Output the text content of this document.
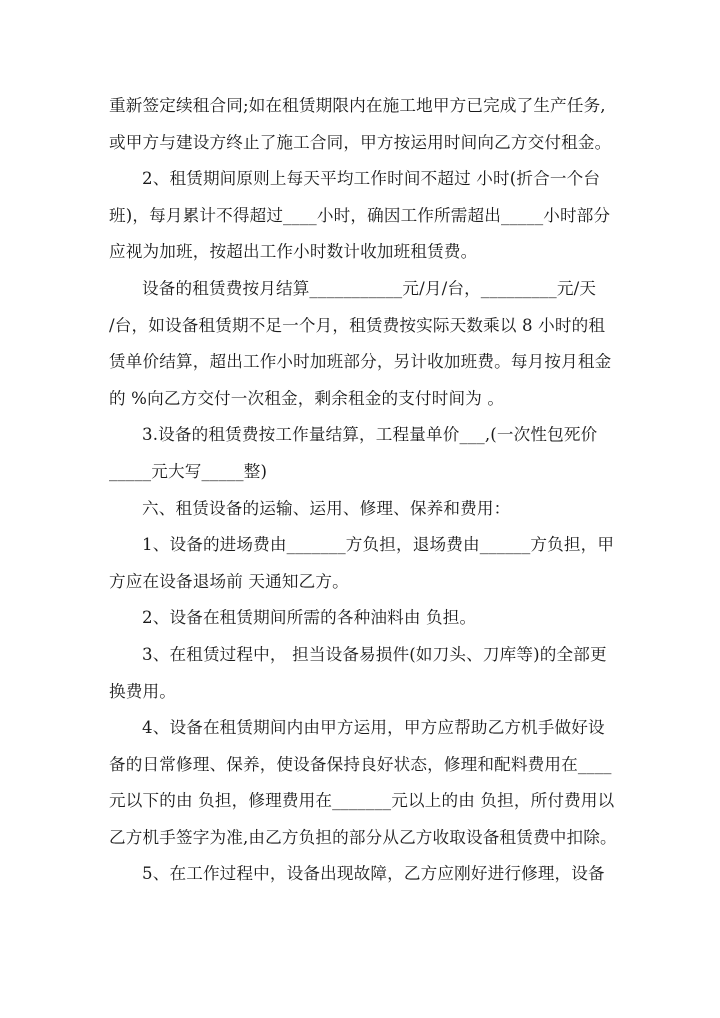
重新签定续租合同;如在租赁期限内在施工地甲方已完成了生产任务,
或甲方与建设方终止了施工合同，甲方按运用时间向乙方交付租金。
2、租赁期间原则上每天平均工作时间不超过 小时(折合一个台
班)，每月累计不得超过____小时，确因工作所需超出_____小时部分
应视为加班，按超出工作小时数计收加班租赁费。
设备的租赁费按月结算___________元/月/台，_________元/天
/台，如设备租赁期不足一个月，租赁费按实际天数乘以 8 小时的租
赁单价结算，超出工作小时加班部分，另计收加班费。每月按月租金
的 %向乙方交付一次租金，剩余租金的支付时间为 。
3.设备的租赁费按工作量结算，工程量单价___,(一次性包死价
_____元大写_____整)
六、租赁设备的运输、运用、修理、保养和费用：
1、设备的进场费由_______方负担，退场费由______方负担，甲
方应在设备退场前 天通知乙方。
2、设备在租赁期间所需的各种油料由 负担。
3、在租赁过程中， 担当设备易损件(如刀头、刀库等)的全部更
换费用。
4、设备在租赁期间内由甲方运用，甲方应帮助乙方机手做好设
备的日常修理、保养，使设备保持良好状态，修理和配料费用在____
元以下的由 负担，修理费用在_______元以上的由 负担，所付费用以
乙方机手签字为准,由乙方负担的部分从乙方收取设备租赁费中扣除。
5、在工作过程中，设备出现故障，乙方应刚好进行修理，设备
